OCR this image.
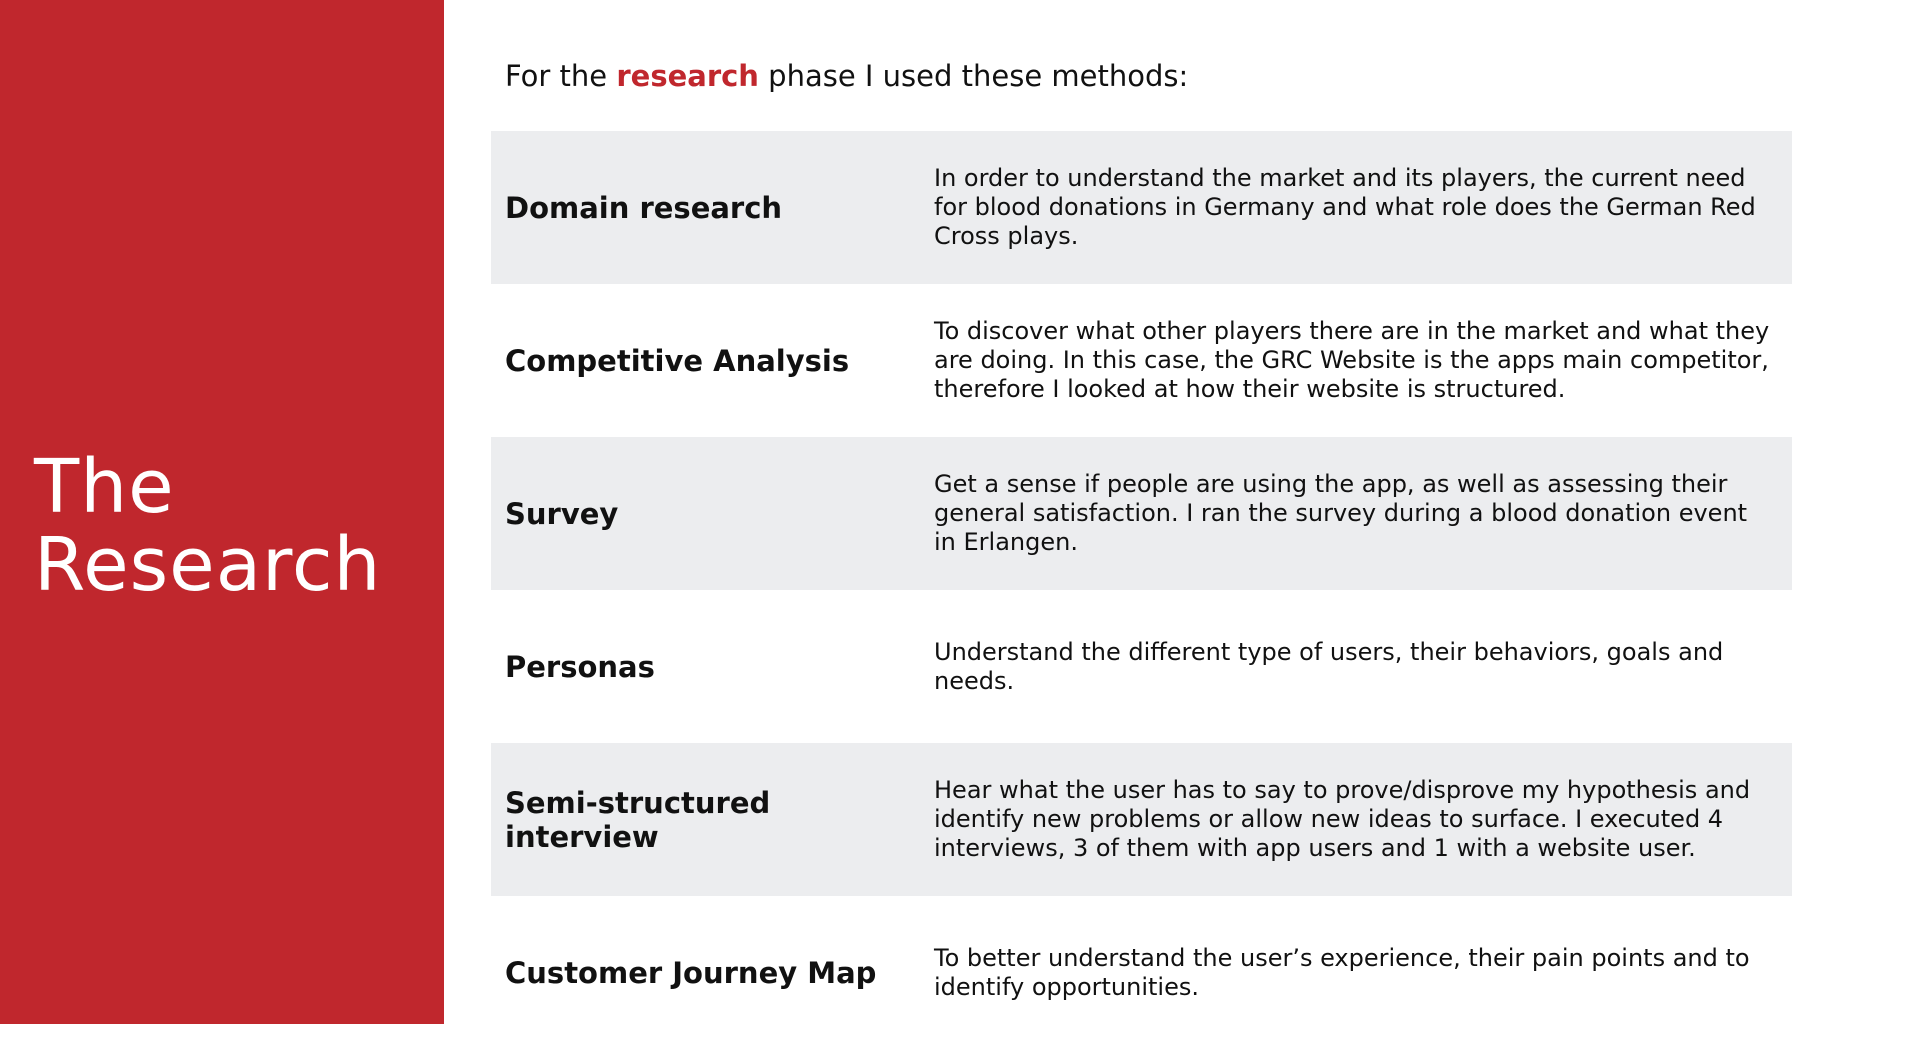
The
Research

For the research phase I used these methods:

Domain research
In order to understand the market and its players, the current need for blood donations in Germany and what role does the German Red Cross plays.
Competitive Analysis
To discover what other players there are in the market and what they are doing. In this case, the GRC Website is the apps main competitor, therefore I looked at how their website is structured.
Survey
Get a sense if people are using the app, as well as assessing their general satisfaction. I ran the survey during a blood donation event in Erlangen.
Personas	Understand the different type of users, their behaviors, goals and needs.
Semi-structured interview
Hear what the user has to say to prove/disprove my hypothesis and identify new problems or allow new ideas to surface. I executed 4 interviews, 3 of them with app users and 1 with a website user.
Customer Journey Map	To better understand the user’s experience, their pain points and to identify opportunities.
